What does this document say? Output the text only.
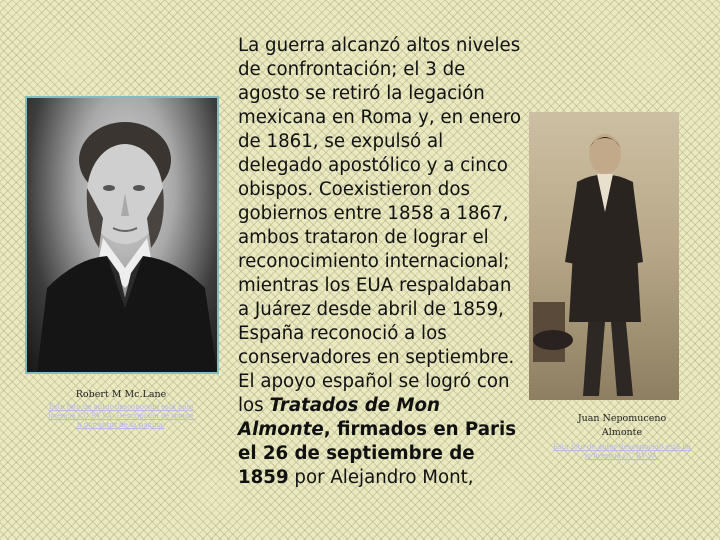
Robert M Mc.Lane
Este foto de autor desconocido está bajo licencia CC BY-SA. Descripción de imagen por autor de la página.
La guerra alcanzó altos niveles de confrontación; el 3 de agosto se retiró la legación mexicana en Roma y, en enero de 1861, se expulsó al delegado apostólico y a cinco obispos. Coexistieron dos gobiernos entre 1858 a 1867, ambos trataron de lograr el reconocimiento internacional; mientras los EUA respaldaban a Juárez desde abril de 1859, España reconoció a los conservadores en septiembre. El apoyo español se logró con los Tratados de Mon Almonte, firmados en Paris el 26 de septiembre de 1859 por Alejandro Mont,
Juan Nepomuceno
Almonte
Esta foto de autor desconocido está bajo licencia CC BY-SA.
